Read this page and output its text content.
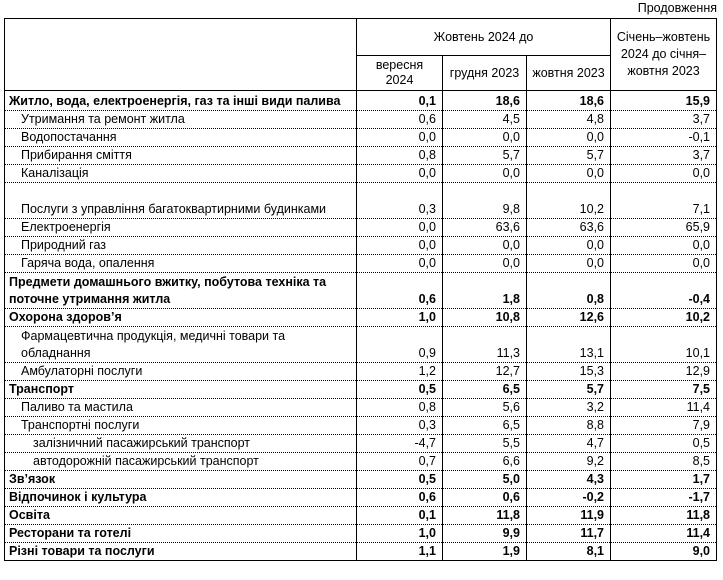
Продовження
	Жовтень 2024 до			Січень–жовтень 2024 до січня–жовтня 2023
	вересня 2024	грудня 2023	жовтня 2023	
Житло, вода, електроенергія, газ та інші види палива	0,1	18,6	18,6	15,9
Утримання та ремонт житла	0,6	4,5	4,8	3,7
Водопостачання	0,0	0,0	0,0	-0,1
Прибирання сміття	0,8	5,7	5,7	3,7
Каналізація	0,0	0,0	0,0	0,0
Послуги з управління багатоквартирними будинками	0,3	9,8	10,2	7,1
Електроенергія	0,0	63,6	63,6	65,9
Природний газ	0,0	0,0	0,0	0,0
Гаряча вода, опалення	0,0	0,0	0,0	0,0
Предмети домашнього вжитку, побутова техніка та поточне утримання житла	0,6	1,8	0,8	-0,4
Охорона здоров’я	1,0	10,8	12,6	10,2
Фармацевтична продукція, медичні товари та обладнання	0,9	11,3	13,1	10,1
Амбулаторні послуги	1,2	12,7	15,3	12,9
Транспорт	0,5	6,5	5,7	7,5
Паливо та мастила	0,8	5,6	3,2	11,4
Транспортні послуги	0,3	6,5	8,8	7,9
залізничний пасажирський транспорт	-4,7	5,5	4,7	0,5
автодорожній пасажирський транспорт	0,7	6,6	9,2	8,5
Зв’язок	0,5	5,0	4,3	1,7
Відпочинок і культура	0,6	0,6	-0,2	-1,7
Освіта	0,1	11,8	11,9	11,8
Ресторани та готелі	1,0	9,9	11,7	11,4
Різні товари та послуги	1,1	1,9	8,1	9,0
